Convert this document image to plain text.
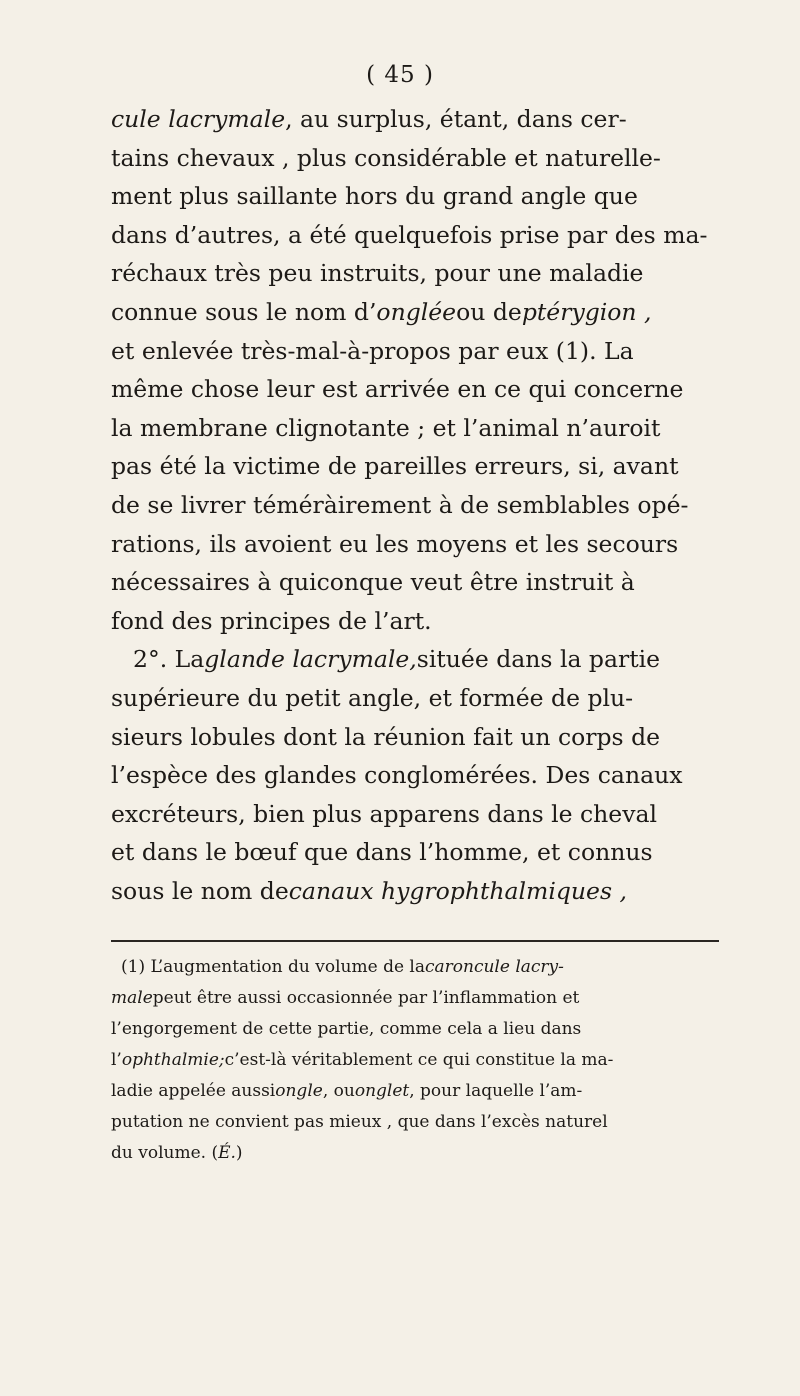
( 45 )
cule lacrymale, au surplus, étant, dans cer-
tains chevaux , plus considérable et naturelle-
ment plus saillante hors du grand angle que
dans d’autres, a été quelquefois prise par des ma-
réchaux très peu instruits, pour une maladie
connue sous le nom d’ongléeou deptérygion ,
et enlevée très-mal-à-propos par eux (1). La
même chose leur est arrivée en ce qui concerne
la membrane clignotante ; et l’animal n’auroit
pas été la victime de pareilles erreurs, si, avant
de se livrer téméràirement à de semblables opé-
rations, ils avoient eu les moyens et les secours
nécessaires à quiconque veut être instruit à
fond des principes de l’art.
2°. Laglande lacrymale,située dans la partie
supérieure du petit angle, et formée de plu-
sieurs lobules dont la réunion fait un corps de
l’espèce des glandes conglomérées. Des canaux
excréteurs, bien plus apparens dans le cheval
et dans le bœuf que dans l’homme, et connus
sous le nom decanaux hygrophthalmiques ,
(1) L’augmentation du volume de lacaroncule lacry-
malepeut être aussi occasionnée par l’inflammation et
l’engorgement de cette partie, comme cela a lieu dans
l’ophthalmie;c’est-là véritablement ce qui constitue la ma-
ladie appelée aussiongle, ouonglet, pour laquelle l’am-
putation ne convient pas mieux , que dans l’excès naturel
du volume. (É.)
